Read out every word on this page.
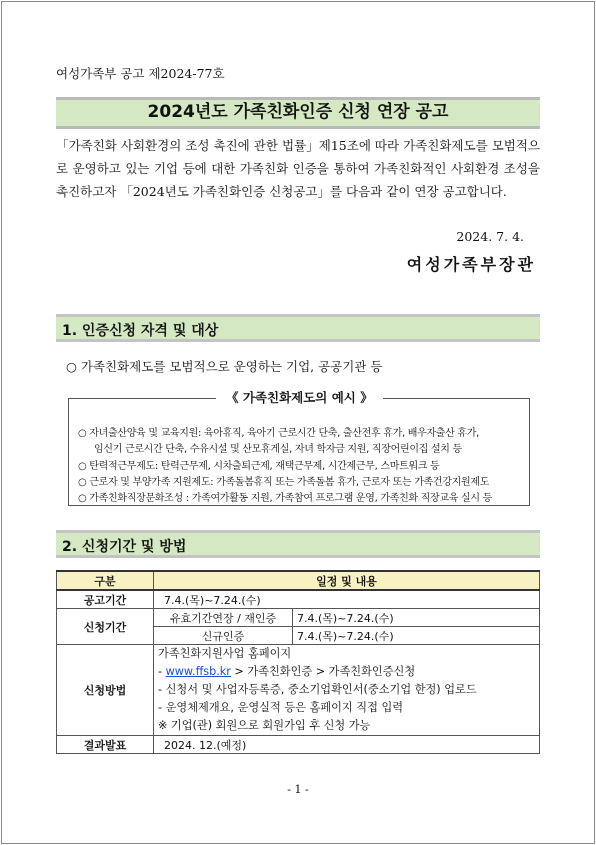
여성가족부 공고 제2024-77호
2024년도 가족친화인증 신청 연장 공고
「가족친화 사회환경의 조성 촉진에 관한 법률」제15조에 따라 가족친화제도를 모범적으로 운영하고 있는 기업 등에 대한 가족친화 인증을 통하여 가족친화적인 사회환경 조성을 촉진하고자 「2024년도 가족친화인증 신청공고」를 다음과 같이 연장 공고합니다.
2024. 7. 4.
여성가족부장관
1. 인증신청 자격 및 대상
○ 가족친화제도를 모범적으로 운영하는 기업, 공공기관 등
《 가족친화제도의 예시 》
○ 자녀출산양육 및 교육지원: 육아휴직, 육아기 근로시간 단축, 출산전후 휴가, 배우자출산 휴가,
임신기 근로시간 단축, 수유시설 및 산모휴게실, 자녀 학자금 지원, 직장어린이집 설치 등
○ 탄력적근무제도: 탄력근무제, 시차출퇴근제, 재택근무제, 시간제근무, 스마트워크 등
○ 근로자 및 부양가족 지원제도: 가족돌봄휴직 또는 가족돌봄 휴가, 근로자 또는 가족건강지원제도
○ 가족친화직장문화조성 : 가족여가활동 지원, 가족참여 프로그램 운영, 가족친화 직장교육 실시 등
2. 신청기간 및 방법
구분	일정 및 내용	
공고기간	7.4.(목)~7.24.(수)	
신청기간	유효기간연장 / 재인증	7.4.(목)~7.24.(수)
	신규인증	7.4.(목)~7.24.(수)
신청방법	가족친화지원사업 홈페이지
- www.ffsb.kr > 가족친화인증 > 가족친화인증신청
- 신청서 및 사업자등록증, 중소기업확인서(중소기업 한정) 업로드
- 운영체제개요, 운영실적 등은 홈페이지 직접 입력
※ 기업(관) 회원으로 회원가입 후 신청 가능	

결과발표	2024. 12.(예정)	
- 1 -
